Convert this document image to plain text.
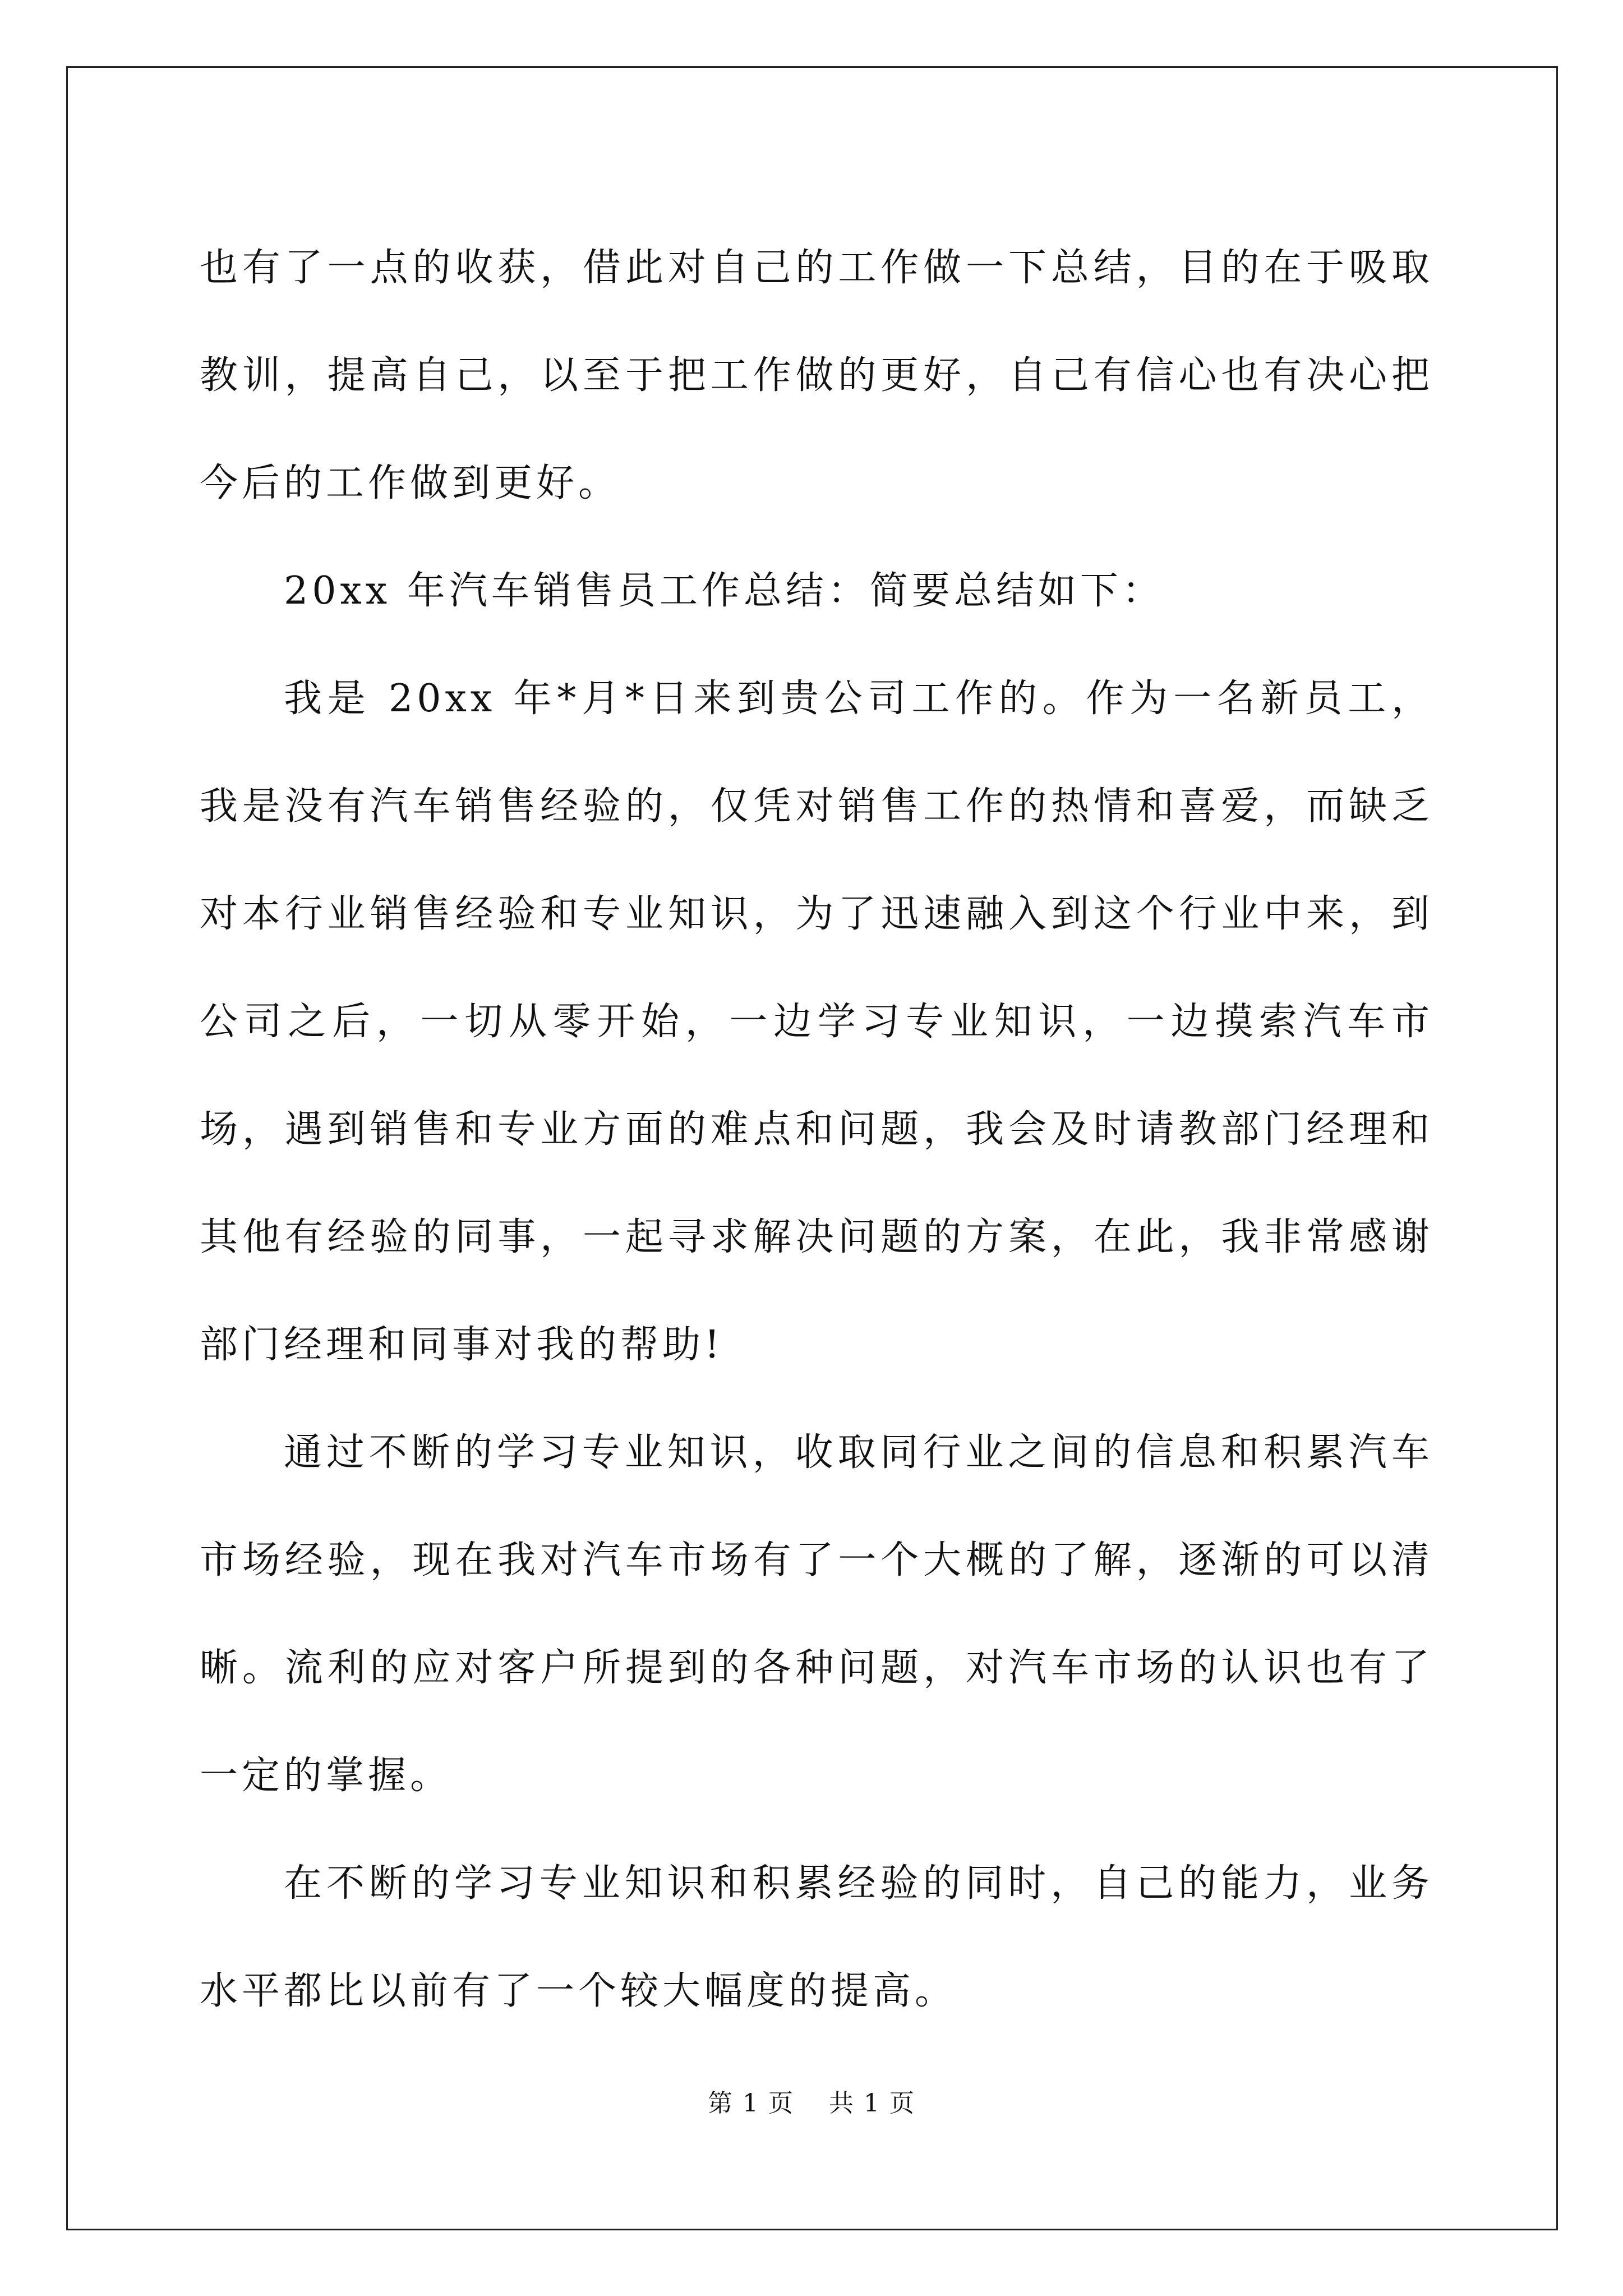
也有了一点的收获，借此对自己的工作做一下总结，目的在于吸取教训，提高自己，以至于把工作做的更好，自己有信心也有决心把今后的工作做到更好。

20xx 年汽车销售员工作总结：简要总结如下：

我是 20xx 年*月*日来到贵公司工作的。作为一名新员工，我是没有汽车销售经验的，仅凭对销售工作的热情和喜爱，而缺乏对本行业销售经验和专业知识，为了迅速融入到这个行业中来，到公司之后，一切从零开始，一边学习专业知识，一边摸索汽车市场，遇到销售和专业方面的难点和问题，我会及时请教部门经理和其他有经验的同事，一起寻求解决问题的方案，在此，我非常感谢部门经理和同事对我的帮助!

通过不断的学习专业知识，收取同行业之间的信息和积累汽车市场经验，现在我对汽车市场有了一个大概的了解，逐渐的可以清晰。流利的应对客户所提到的各种问题，对汽车市场的认识也有了一定的掌握。

在不断的学习专业知识和积累经验的同时，自己的能力，业务水平都比以前有了一个较大幅度的提高。

第 1 页　 共 1 页
